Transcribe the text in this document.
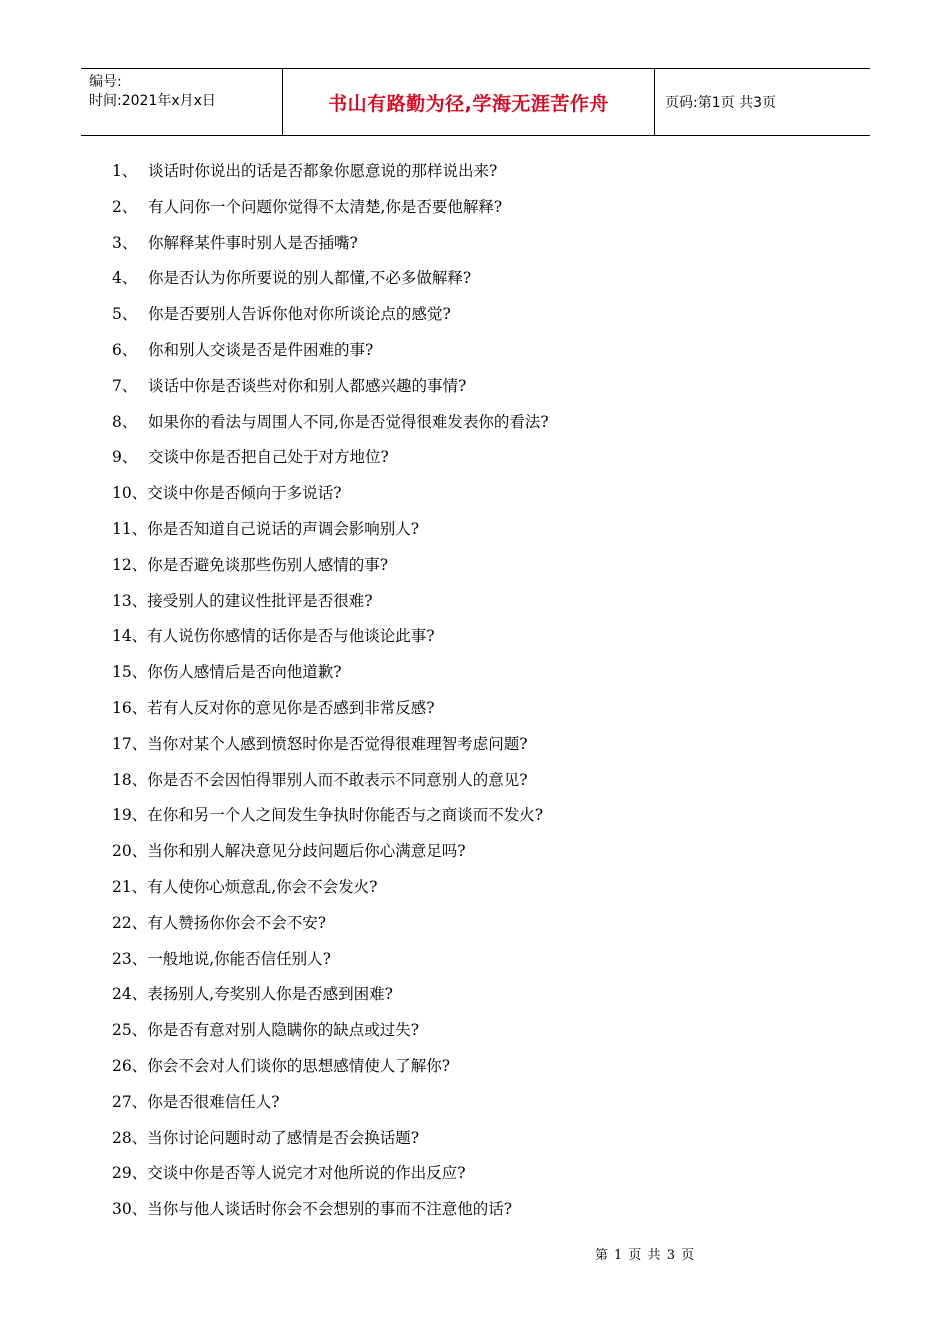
编号:
时间:2021年x月x日	书山有路勤为径,学海无涯苦作舟	页码:第1页 共3页
1、 谈话时你说出的话是否都象你愿意说的那样说出来?
2、 有人问你一个问题你觉得不太清楚,你是否要他解释?
3、 你解释某件事时别人是否插嘴?
4、 你是否认为你所要说的别人都懂,不必多做解释?
5、 你是否要别人告诉你他对你所谈论点的感觉?
6、 你和别人交谈是否是件困难的事?
7、 谈话中你是否谈些对你和别人都感兴趣的事情?
8、 如果你的看法与周围人不同,你是否觉得很难发表你的看法?
9、 交谈中你是否把自己处于对方地位?
10、交谈中你是否倾向于多说话?
11、你是否知道自己说话的声调会影响别人?
12、你是否避免谈那些伤别人感情的事?
13、接受别人的建议性批评是否很难?
14、有人说伤你感情的话你是否与他谈论此事?
15、你伤人感情后是否向他道歉?
16、若有人反对你的意见你是否感到非常反感?
17、当你对某个人感到愤怒时你是否觉得很难理智考虑问题?
18、你是否不会因怕得罪别人而不敢表示不同意别人的意见?
19、在你和另一个人之间发生争执时你能否与之商谈而不发火?
20、当你和别人解决意见分歧问题后你心满意足吗?
21、有人使你心烦意乱,你会不会发火?
22、有人赞扬你你会不会不安?
23、一般地说,你能否信任别人?
24、表扬别人,夸奖别人你是否感到困难?
25、你是否有意对别人隐瞒你的缺点或过失?
26、你会不会对人们谈你的思想感情使人了解你?
27、你是否很难信任人?
28、当你讨论问题时动了感情是否会换话题?
29、交谈中你是否等人说完才对他所说的作出反应?
30、当你与他人谈话时你会不会想别的事而不注意他的话?
第 1 页 共 3 页
